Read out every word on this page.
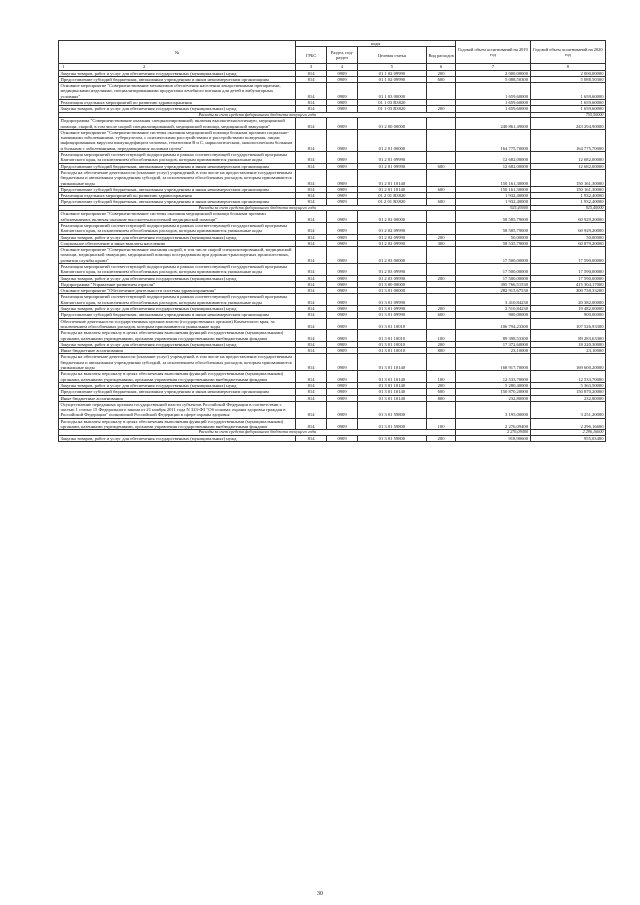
№	коды				Годовой объем ассигнований на 2019 год	Годовой объем ассигнований на 2020 год
	ГРБС	Раздел, под-раздел	Целевая статья	Вид расходов		

1 2	3	4	5	6	7	8
Закупка товаров, работ и услуг для обеспечения государственных (муниципальных) нужд	814	0909	01 1 02 09990	200	2 000,00000	2 000,00000
Предоставление субсидий бюджетным, автономным учреждениям и иным некоммерческим организациям	814	0909	01 1 02 09990	600	5 088,50300	5 088,50300
Основное мероприятие "Совершенствование механизмов обеспечения населения лекарственными препаратами, медицинскими изделиями, специализированными продуктами лечебного питания для детей в амбулаторных условиях"	814	0909	01 1 03 00000		1 659,60000	1 659,60000
Реализация отдельных мероприятий по развитию здравоохранения	814	0909	01 1 03 R3820		1 659,60000	1 659,60000
Закупка товаров, работ и услуг для обеспечения государственных (муниципальных) нужд	814	0909	01 1 03 R3820	200	1 659,60000	1 659,60000
Расходы за счет средств федерального бюджета текущего года						755,50000
Подпрограмма "Совершенствование оказания специализированной, включая высокотехнологичную, медицинской помощи, скорой, в том числе скорой специализированной, медицинской помощи, медицинской эвакуации"	814	0909	01 2 00 00000		240 861,49000	243 294,90000
Основное мероприятие "Совершенствование системы оказания медицинской помощи больным прочими социально-значимыми заболеваниями, туберкулезом, с психическими расстройствами и расстройствами поведения, лицам инфицированным вирусом иммунодефицита человека, гепатитами B и C, наркологическим, онкологическим больным и больным с заболеваниями, передающимися половым путем"	814	0909	01 2 01 00000		164 775,70000	164 775,70000
Реализация мероприятий соответствующей подпрограммы в рамках соответствующей государственной программы Камчатского края, за исключением обособленных расходов, которым присваиваются уникальные коды	814	0909	01 2 01 09990		12 682,00000	12 682,00000
Предоставление субсидий бюджетным, автономным учреждениям и иным некоммерческим организациям	814	0909	01 2 01 09990	600	12 682,00000	12 682,00000
Расходы на обеспечение деятельности (оказание услуг) учреждений, в том числе на предоставление государственным бюджетным и автономным учреждениям субсидий, за исключением обособленных расходов, которым присваиваются уникальные коды	814	0909	01 2 01 10140		150 161,30000	150 161,30000
Предоставление субсидий бюджетным, автономным учреждениям и иным некоммерческим организациям	814	0909	01 2 01 10140	600	150 161,30000	150 161,30000
Реализация отдельных мероприятий по развитию здравоохранения	814	0909	01 2 01 R3820		1 932,40000	1 932,40000
Предоставление субсидий бюджетным, автономным учреждениям и иным некоммерческим организациям	814	0909	01 2 01 R3820	600	1 932,40000	1 932,40000
Расходы за счет средств федерального бюджета текущего года					925,40000	925,40000
Основное мероприятие "Совершенствование системы оказания медицинской помощи больным прочими заболеваниями, включая оказание высокотехнологичной медицинской помощи"	814	0909	01 2 02 00000		58 585,79000	60 929,20000
Реализация мероприятий соответствующей подпрограммы в рамках соответствующей государственной программы Камчатского края, за исключением обособленных расходов, которым присваиваются уникальные коды	814	0909	01 2 02 09990		58 585,79000	60 929,20000
Закупка товаров, работ и услуг для обеспечения государственных (муниципальных) нужд	814	0909	01 2 02 09990	200	50,00000	50,00000
Социальное обеспечение и иные выплаты населению	814	0909	01 2 02 09990	300	58 535,79000	60 879,20000
Основное мероприятие "Совершенствование оказания скорой, в том числе скорой специализированной, медицинской помощи, медицинской эвакуации, медицинской помощи пострадавшим при дорожно-транспортных происшествиях, развития службы крови"	814	0909	01 2 03 00000		17 500,00000	17 590,00000
Реализация мероприятий соответствующей подпрограммы в рамках соответствующей государственной программы Камчатского края, за исключением обособленных расходов, которым присваиваются уникальные коды	814	0909	01 2 03 09990		17 500,00000	17 590,00000
Закупка товаров, работ и услуг для обеспечения государственных (муниципальных) нужд	814	0909	01 2 03 09990	200	17 500,00000	17 590,00000
Подпрограмма "Управление развитием отрасли"	814	0909	01 3 00 00000		395 766,51530	415 304,17000
Основное мероприятие "Обеспечение деятельности системы здравоохранения"	814	0909	01 3 01 00000		282 915,67530	300 758,33200
Реализация мероприятий соответствующей подпрограммы в рамках соответствующей государственной программы Камчатского края, за исключением обособленных расходов, которым присваиваются уникальные коды	814	0909	01 3 01 09990		3 410,84230	20 382,00000
Закупка товаров, работ и услуг для обеспечения государственных (муниципальных) нужд	814	0909	01 3 01 09990	200	2 510,84230	19 482,00000
Предоставление субсидий бюджетным, автономным учреждениям и иным некоммерческим организациям	814	0909	01 3 01 09990	600	900,00000	900,00000
Обеспечение деятельности государственных органов власти (государственных органов) Камчатского края, за исключением обособленных расходов, которым присваиваются уникальные коды	814	0909	01 3 01 10010		106 794,23300	107 526,93300
Расходы на выплаты персоналу в целях обеспечения выполнения функций государственными (муниципальными) органами, казенными учреждениями, органами управления государственными внебюджетными фондами	814	0909	01 3 01 10010	100	89 398,53300	89 283,63300
Закупка товаров, работ и услуг для обеспечения государственных (муниципальных) нужд	814	0909	01 3 01 10010	200	17 372,60000	18 220,30000
Иные бюджетные ассигнования	814	0909	01 3 01 10010	800	23,10000	23,10000
Расходы на обеспечение деятельности (оказание услуг) учреждений, в том числе на предоставление государственным бюджетным и автономным учреждениям субсидий, за исключением обособленных расходов, которым присваиваются уникальные коды	814	0909	01 3 01 10140		168 917,70000	169 600,20000
Расходы на выплаты персоналу в целях обеспечения выполнения функций государственными (муниципальными) органами, казенными учреждениями, органами управления государственными внебюджетными фондами	814	0909	01 3 01 10140	100	12 533,70000	12 533,70000
Закупка товаров, работ и услуг для обеспечения государственных (муниципальных) нужд	814	0909	01 3 01 10140	200	5 280,40000	5 363,50000
Предоставление субсидий бюджетным, автономным учреждениям и иным некоммерческим организациям	814	0909	01 3 01 10140	600	150 870,20000	150 870,20000
Иные бюджетные ассигнования	814	0909	01 3 01 10140	800	232,80000	232,80000
Осуществление переданных органам государственной власти субъектов Российской Федерации в соответствии с частью 1 статьи 15 Федерального закона от 21 ноября 2011 года N 323-ФЗ "Об основах охраны здоровья граждан в Российской Федерации" полномочий Российской Федерации в сфере охраны здоровья	814	0909	01 3 01 59800		3 195,00000	3 251,20000
Расходы на выплаты персоналу в целях обеспечения выполнения функций государственными (муниципальными) органами, казенными учреждениями, органами управления государственными внебюджетными фондами	814	0909	01 3 01 59800	100	2 276,09400	2 296,16600
Расходы за счет средств федерального бюджета текущего года					2 276,09400	2 296,16600
Закупка товаров, работ и услуг для обеспечения государственных (муниципальных) нужд	814	0909	01 3 01 59800	200	918,90600	955,03400
30
